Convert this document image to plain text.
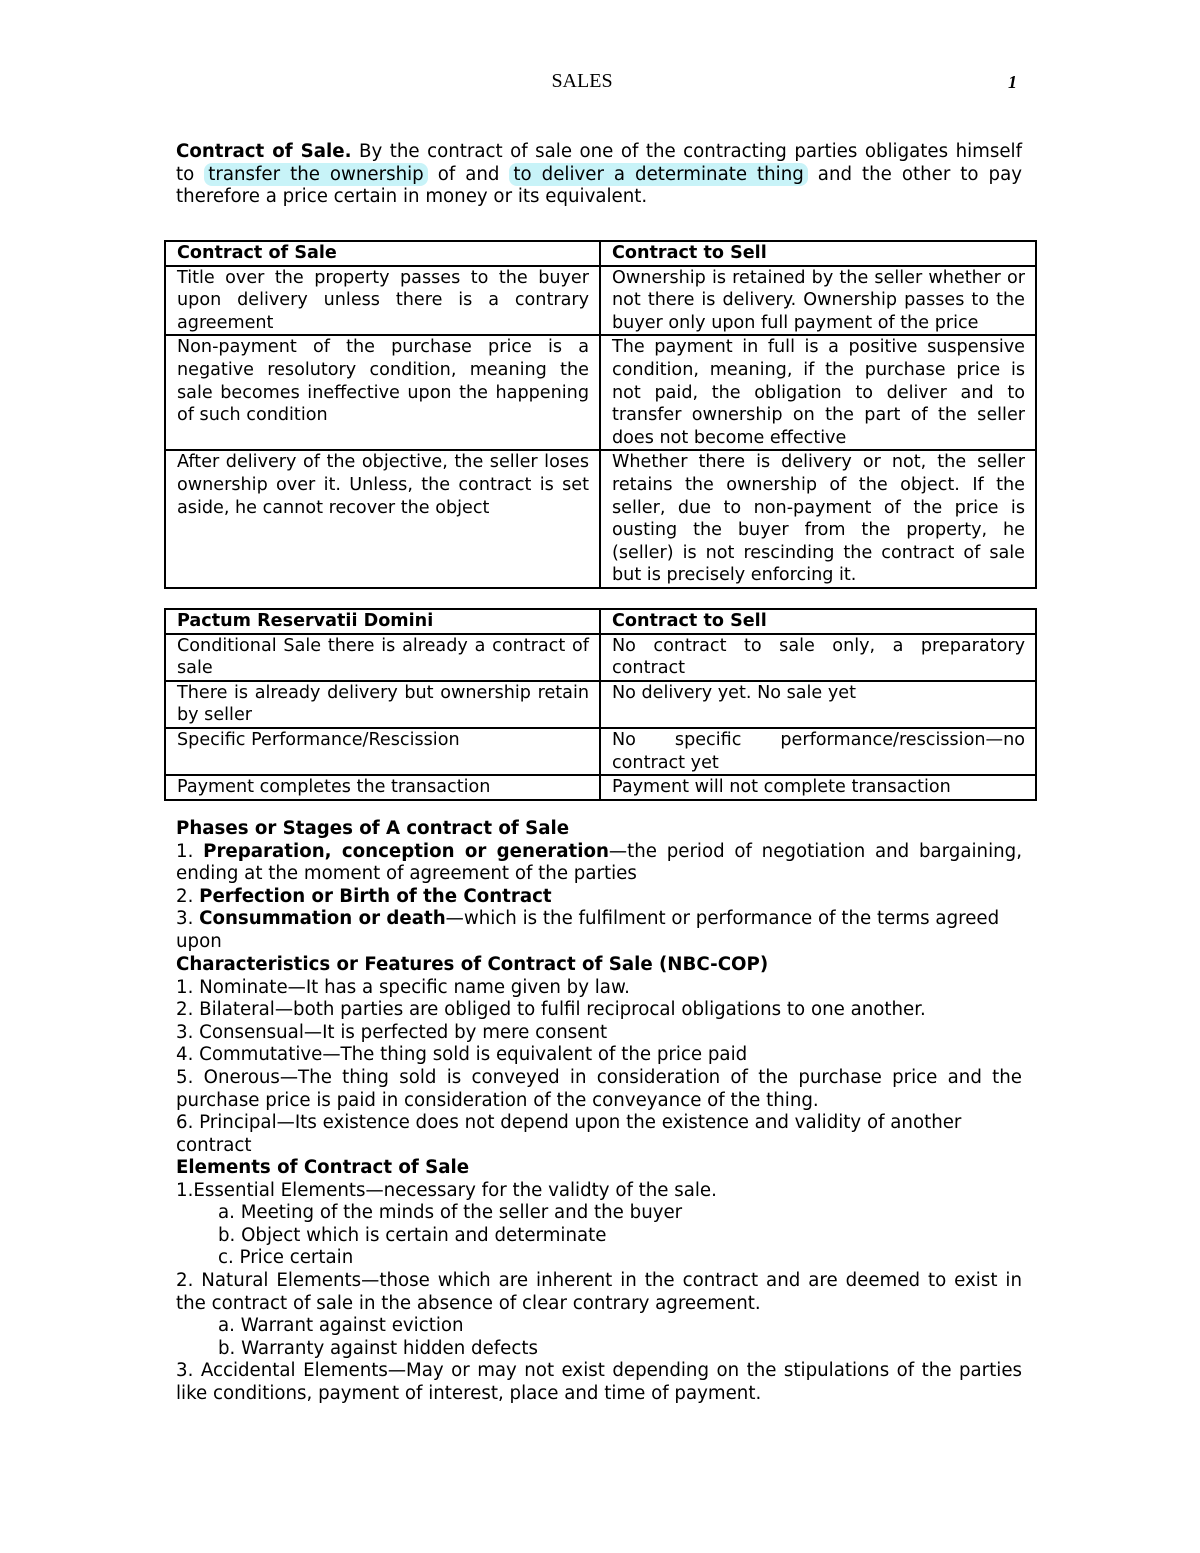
SALES	1
Contract of Sale. By the contract of sale one of the contracting parties obligates himself to transfer the ownership of and to deliver a determinate thing and the other to pay therefore a price certain in money or its equivalent.
Contract of Sale	Contract to Sell
Title over the property passes to the buyer upon delivery unless there is a contrary agreement	Ownership is retained by the seller whether or not there is delivery. Ownership passes to the buyer only upon full payment of the price
Non-payment of the purchase price is a negative resolutory condition, meaning the sale becomes ineffective upon the happening of such condition	The payment in full is a positive suspensive condition, meaning, if the purchase price is not paid, the obligation to deliver and to transfer ownership on the part of the seller does not become effective
After delivery of the objective, the seller loses ownership over it. Unless, the contract is set aside, he cannot recover the object	Whether there is delivery or not, the seller retains the ownership of the object. If the seller, due to non-payment of the price is ousting the buyer from the property, he (seller) is not rescinding the contract of sale but is precisely enforcing it.
Pactum Reservatii Domini	Contract to Sell
Conditional Sale there is already a contract of sale	No contract to sale only, a preparatory contract
There is already delivery but ownership retain by seller	No delivery yet. No sale yet
Specific Performance/Rescission	No specific performance/rescission—no contract yet
Payment completes the transaction	Payment will not complete transaction

Phases or Stages of A contract of Sale

1. Preparation, conception or generation—the period of negotiation and bargaining, ending at the moment of agreement of the parties

2. Perfection or Birth of the Contract

3. Consummation or death—which is the fulfilment or performance of the terms agreed upon

Characteristics or Features of Contract of Sale (NBC-COP)

1. Nominate—It has a specific name given by law.

2. Bilateral—both parties are obliged to fulfil reciprocal obligations to one another.

3. Consensual—It is perfected by mere consent

4. Commutative—The thing sold is equivalent of the price paid

5. Onerous—The thing sold is conveyed in consideration of the purchase price and the purchase price is paid in consideration of the conveyance of the thing.

6. Principal—Its existence does not depend upon the existence and validity of another contract

Elements of Contract of Sale

1.Essential Elements—necessary for the validty of the sale.

a. Meeting of the minds of the seller and the buyer

b. Object which is certain and determinate

c. Price certain

2. Natural Elements—those which are inherent in the contract and are deemed to exist in the contract of sale in the absence of clear contrary agreement.

a. Warrant against eviction

b. Warranty against hidden defects

3. Accidental Elements—May or may not exist depending on the stipulations of the parties like conditions, payment of interest, place and time of payment.
